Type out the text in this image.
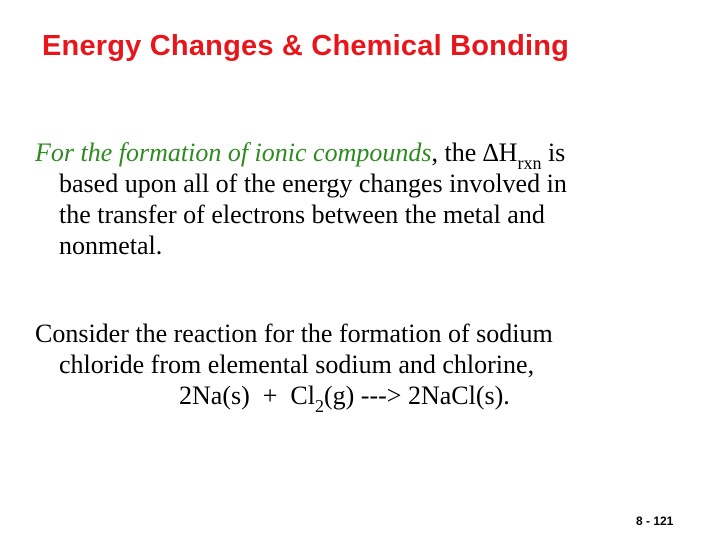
Energy Changes & Chemical Bonding
For the formation of ionic compounds, the $\Delta H_{rxn}$ is
based upon all of the energy changes involved in
the transfer of electrons between the metal and
nonmetal.
Consider the reaction for the formation of sodium
chloride from elemental sodium and chlorine,
$2Na(s) + Cl_2(g)$ ---> 2NaCl(s).
8 - 121
